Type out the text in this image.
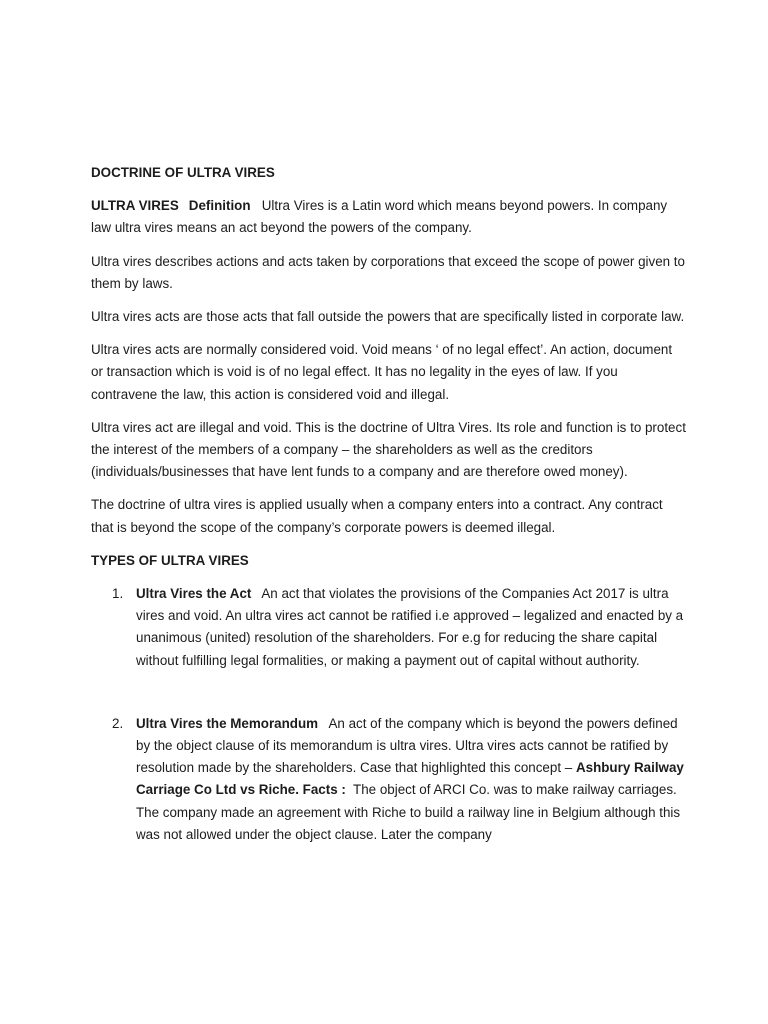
DOCTRINE OF ULTRA VIRES

ULTRA VIRES Definition Ultra Vires is a Latin word which means beyond powers. In company law ultra vires means an act beyond the powers of the company.

Ultra vires describes actions and acts taken by corporations that exceed the scope of power given to them by laws.

Ultra vires acts are those acts that fall outside the powers that are specifically listed in corporate law.

Ultra vires acts are normally considered void. Void means ‘ of no legal effect’. An action, document or transaction which is void is of no legal effect. It has no legality in the eyes of law. If you contravene the law, this action is considered void and illegal.

Ultra vires act are illegal and void. This is the doctrine of Ultra Vires. Its role and function is to protect the interest of the members of a company – the shareholders as well as the creditors (individuals/businesses that have lent funds to a company and are therefore owed money).

The doctrine of ultra vires is applied usually when a company enters into a contract. Any contract that is beyond the scope of the company’s corporate powers is deemed illegal.

TYPES OF ULTRA VIRES
1. Ultra Vires the Act An act that violates the provisions of the Companies Act 2017 is ultra vires and void. An ultra vires act cannot be ratified i.e approved – legalized and enacted by a unanimous (united) resolution of the shareholders. For e.g for reducing the share capital without fulfilling legal formalities, or making a payment out of capital without authority.
2. Ultra Vires the Memorandum An act of the company which is beyond the powers defined by the object clause of its memorandum is ultra vires. Ultra vires acts cannot be ratified by resolution made by the shareholders. Case that highlighted this concept – Ashbury Railway Carriage Co Ltd vs Riche. Facts : The object of ARCI Co. was to make railway carriages. The company made an agreement with Riche to build a railway line in Belgium although this was not allowed under the object clause. Later the company
